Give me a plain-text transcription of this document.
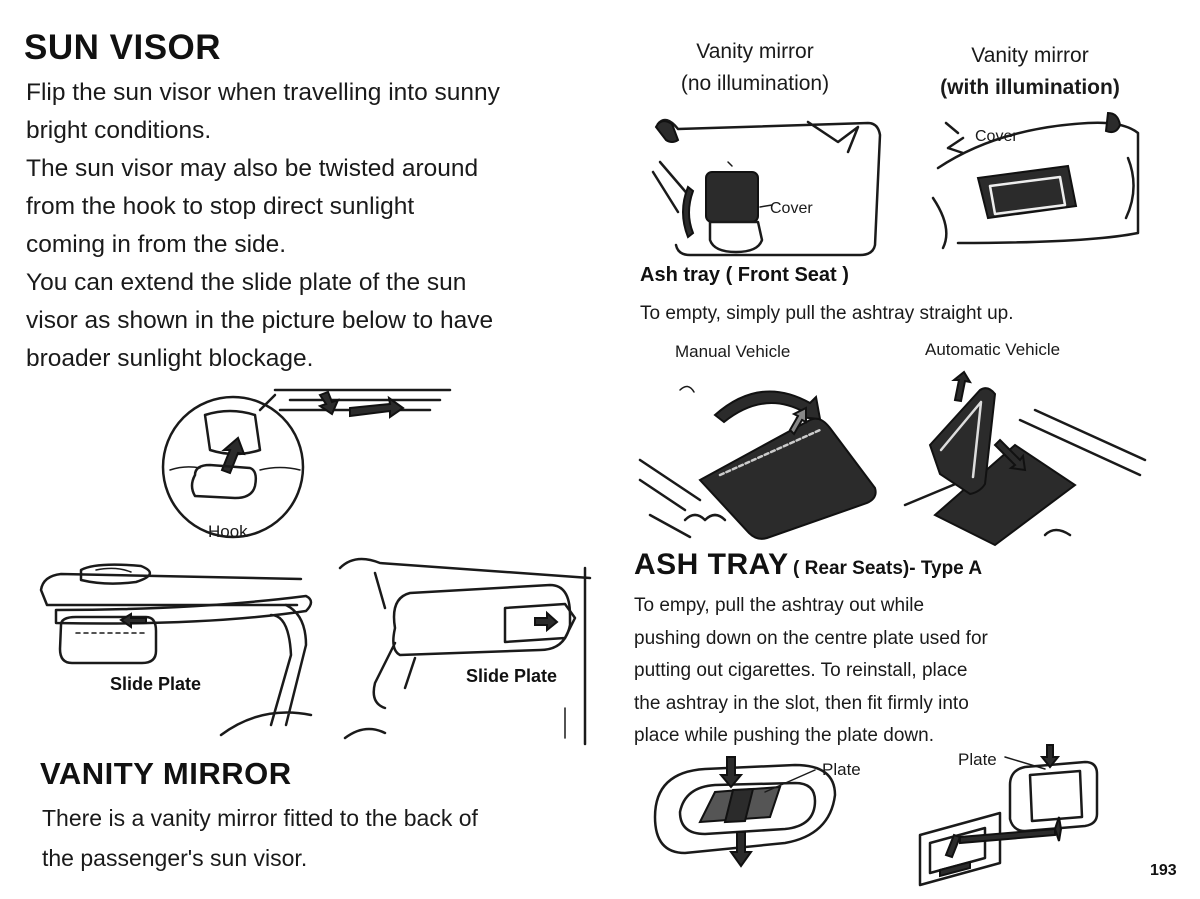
SUN VISOR
Flip the sun visor when travelling into sunny
bright conditions.
The sun visor may also be twisted around
from the hook to stop direct sunlight
coming in from the side.
You can extend the slide plate of the sun
visor as shown in the picture below to have
broader sunlight blockage.
Hook
Slide Plate	Slide Plate
VANITY MIRROR
There is a vanity mirror fitted to the back of
the passenger's sun visor.
Vanity mirror
(no illumination)
Vanity mirror
(with illumination)
Cover
Cover
Ash tray ( Front Seat )
To empty, simply pull the ashtray straight up.
Manual Vehicle	Automatic Vehicle
ASH TRAY ( Rear Seats)- Type A
To empy, pull the ashtray out while
pushing down on the centre plate used for
putting out cigarettes. To reinstall, place
the ashtray in the slot, then fit firmly into
place while pushing the plate down.
Plate
Plate
193
